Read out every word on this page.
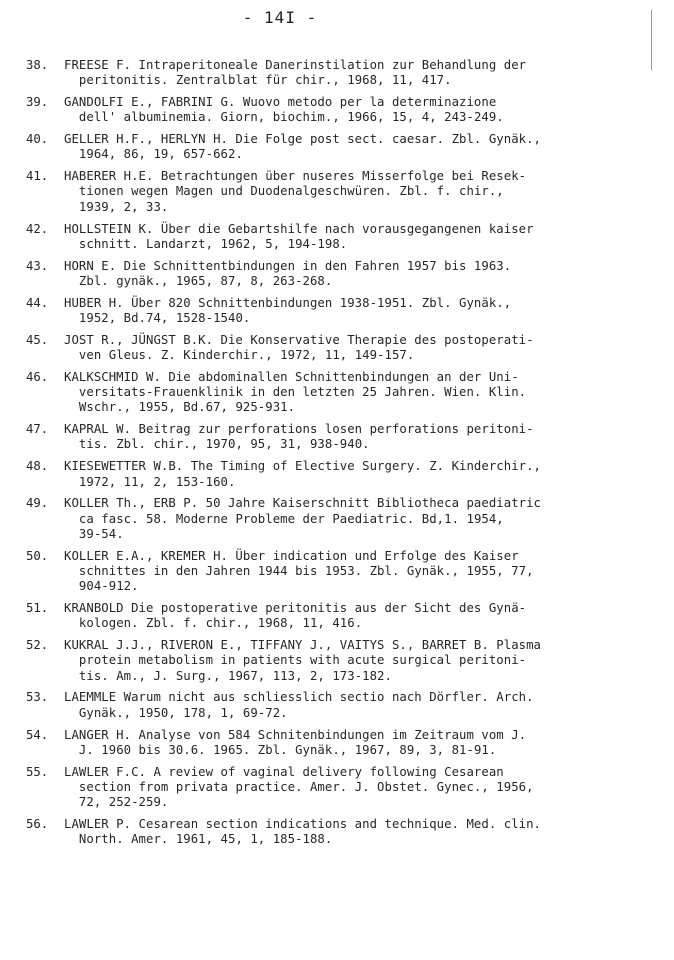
- 14I -
38.	FREESE F. Intraperitoneale Danerinstilation zur Behandlung der
peritonitis. Zentralblat für chir., 1968, 11, 417.
39.	GANDOLFI E., FABRINI G. Wuovo metodo per la determinazione
dell' albuminemia. Giorn, biochim., 1966, 15, 4, 243-249.
40.	GELLER H.F., HERLYN H. Die Folge post sect. caesar. Zbl. Gynäk.,
1964, 86, 19, 657-662.
41.	HABERER H.E. Betrachtungen über nuseres Misserfolge bei Resek-
tionen wegen Magen und Duodenalgeschwüren. Zbl. f. chir.,
1939, 2, 33.
42.	HOLLSTEIN K. Über die Gebartshilfe nach vorausgegangenen kaiser
schnitt. Landarzt, 1962, 5, 194-198.
43.	HORN E. Die Schnittentbindungen in den Fahren 1957 bis 1963.
Zbl. gynäk., 1965, 87, 8, 263-268.
44.	HUBER H. Über 820 Schnittenbindungen 1938-1951. Zbl. Gynäk.,
1952, Bd.74, 1528-1540.
45.	JOST R., JÜNGST B.K. Die Konservative Therapie des postoperati-
ven Gleus. Z. Kinderchir., 1972, 11, 149-157.
46.	KALKSCHMID W. Die abdominallen Schnittenbindungen an der Uni-
versitats-Frauenklinik in den letzten 25 Jahren. Wien. Klin.
Wschr., 1955, Bd.67, 925-931.
47.	KAPRAL W. Beitrag zur perforations losen perforations peritoni-
tis. Zbl. chir., 1970, 95, 31, 938-940.
48.	KIESEWETTER W.B. The Timing of Elective Surgery. Z. Kinderchir.,
1972, 11, 2, 153-160.
49.	KOLLER Th., ERB P. 50 Jahre Kaiserschnitt Bibliotheca paediatric
ca fasc. 58. Moderne Probleme der Paediatric. Bd,1. 1954,
39-54.
50.	KOLLER E.A., KREMER H. Über indication und Erfolge des Kaiser
schnittes in den Jahren 1944 bis 1953. Zbl. Gynäk., 1955, 77,
904-912.
51.	KRANBOLD Die postoperative peritonitis aus der Sicht des Gynä-
kologen. Zbl. f. chir., 1968, 11, 416.
52.	KUKRAL J.J., RIVERON E., TIFFANY J., VAITYS S., BARRET B. Plasma
protein metabolism in patients with acute surgical peritoni-
tis. Am., J. Surg., 1967, 113, 2, 173-182.
53.	LAEMMLE Warum nicht aus schliesslich sectio nach Dörfler. Arch.
Gynäk., 1950, 178, 1, 69-72.
54.	LANGER H. Analyse von 584 Schnitenbindungen im Zeitraum vom J.
J. 1960 bis 30.6. 1965. Zbl. Gynäk., 1967, 89, 3, 81-91.
55.	LAWLER F.C. A review of vaginal delivery following Cesarean
section from privata practice. Amer. J. Obstet. Gynec., 1956,
72, 252-259.
56.	LAWLER P. Cesarean section indications and technique. Med. clin.
North. Amer. 1961, 45, 1, 185-188.
